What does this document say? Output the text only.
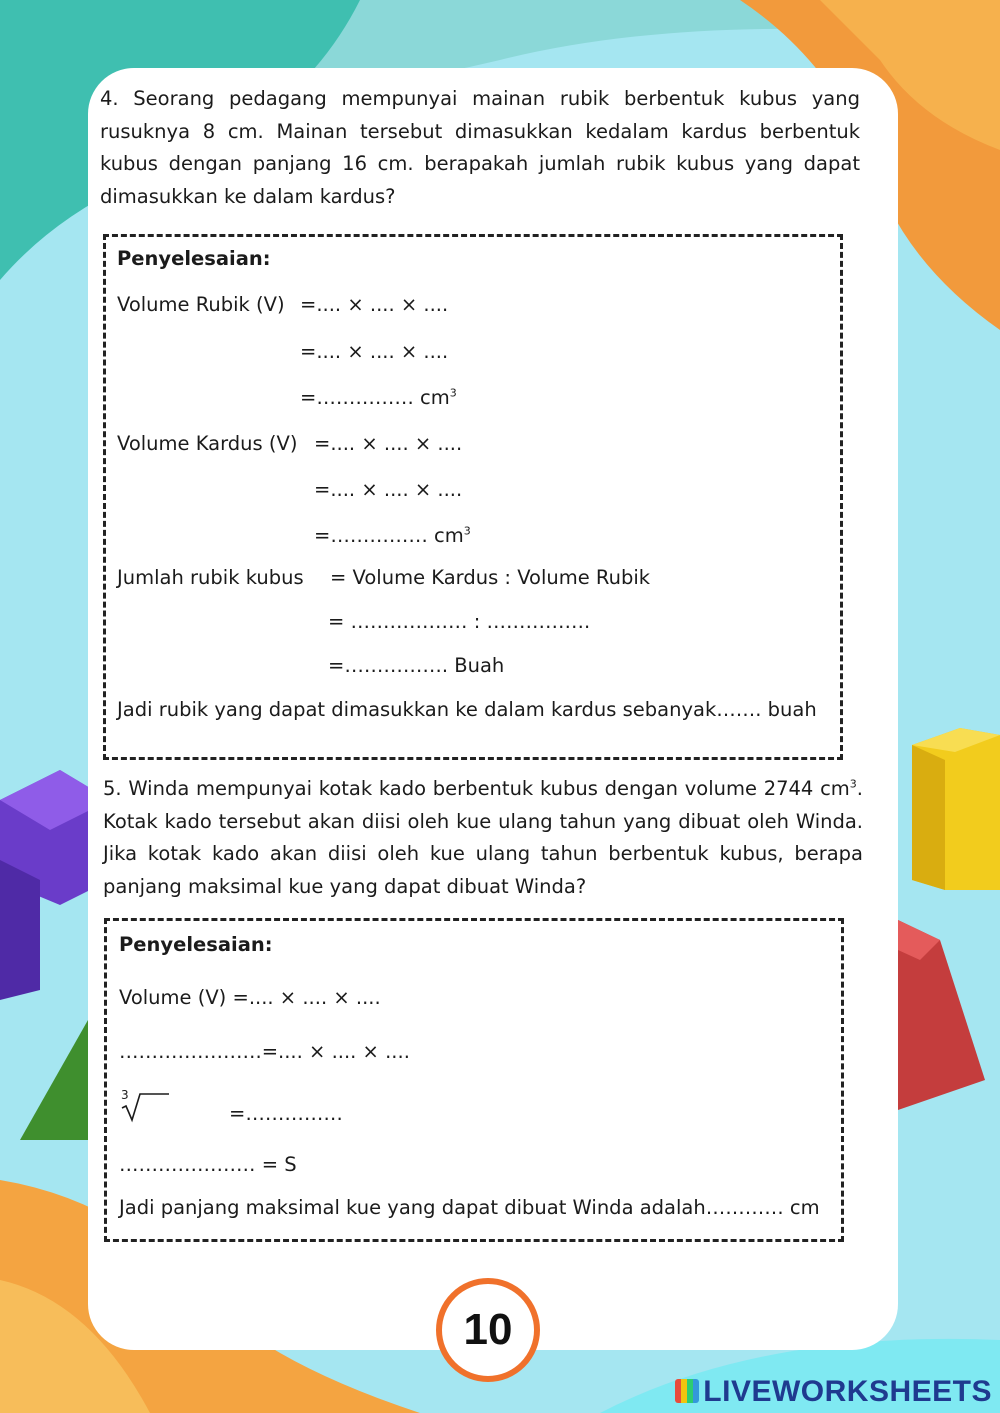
4. Seorang pedagang mempunyai mainan rubik berbentuk kubus yang rusuknya 8 cm. Mainan tersebut dimasukkan kedalam kardus berbentuk kubus dengan panjang 16 cm. berapakah jumlah rubik kubus yang dapat dimasukkan ke dalam kardus?
Penyelesaian:
Volume Rubik (V) =.... × .... × ....
=.... × .... × ....
=…………… $cm^3$
Volume Kardus (V) =.... × .... × ....
=.... × .... × ....
=…………… $cm^3$
Jumlah rubik kubus = Volume Kardus : Volume Rubik
= ……………… : …………….
=……………. Buah
Jadi rubik yang dapat dimasukkan ke dalam kardus sebanyak……. buah
5. Winda mempunyai kotak kado berbentuk kubus dengan volume 2744 $cm^3$. Kotak kado tersebut akan diisi oleh kue ulang tahun yang dibuat oleh Winda. Jika kotak kado akan diisi oleh kue ulang tahun berbentuk kubus, berapa panjang maksimal kue yang dapat dibuat Winda?
Penyelesaian:
Volume (V) =.... × .... × ....
………………….=.... × .... × ....
3
=……………
………………… = S
Jadi panjang maksimal kue yang dapat dibuat Winda adalah………… cm
10
LIVEWORKSHEETS
